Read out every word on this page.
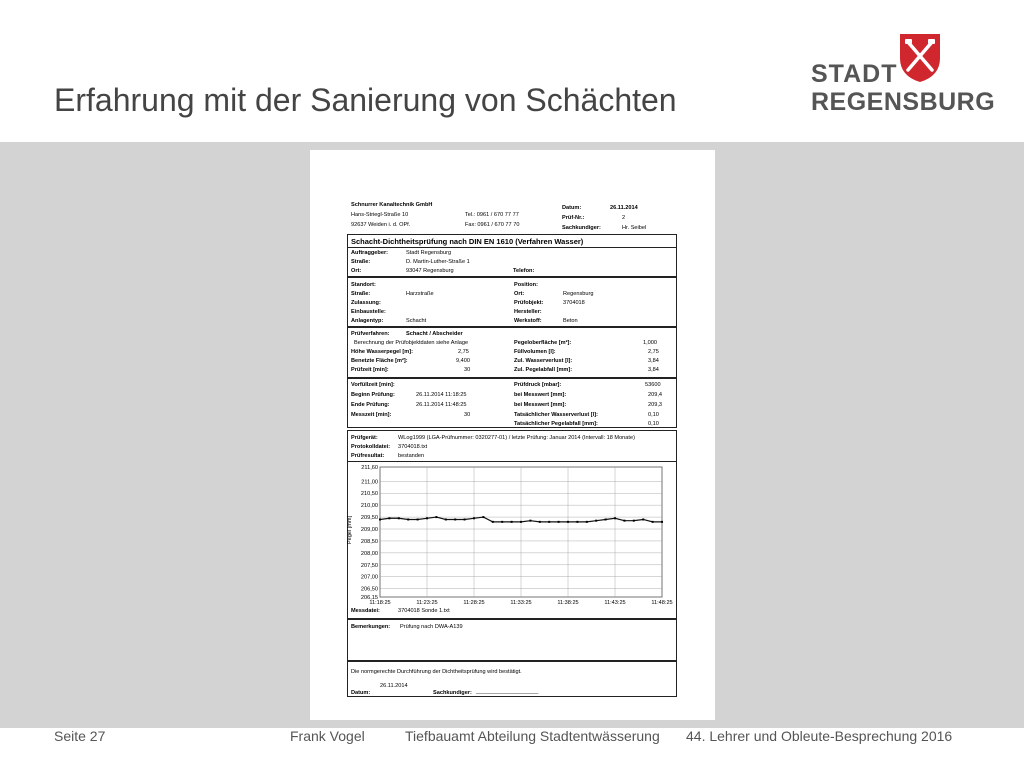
Erfahrung mit der Sanierung von Schächten
STADT
REGENSBURG
Schnurrer Kanaltechnik GmbH
Hans-Striegl-Straße 10
92637 Weiden i. d. OPf.
Tel.: 0961 / 670 77 77
Fax: 0961 / 670 77 70
Datum:	26.11.2014
Prüf-Nr.:	2
Sachkundiger:	Hr. Seibel
Schacht-Dichtheitsprüfung nach DIN EN 1610 (Verfahren Wasser)
Auftraggeber:	Stadt Regensburg
Straße:	D. Martin-Luther-Straße 1
Ort:	93047 Regensburg	Telefon:
Standort:	Position:
Straße:	Harzstraße	Ort:	Regensburg
Zulassung:	Prüfobjekt:	3704018
Einbaustelle:	Hersteller:
Anlagentyp:	Schacht	Werkstoff:	Beton
Prüfverfahren:	Schacht / Abscheider
Berechnung der Prüfobjektdaten siehe Anlage	Pegeloberfläche [m²]:	1,000
Höhe Wasserpegel [m]:	2,75	Füllvolumen [l]:	2,75
Benetzte Fläche [m²]:	9,400	Zul. Wasserverlust [l]:	3,84
Prüfzeit [min]:	30	Zul. Pegelabfall [mm]:	3,84
Vorfüllzeit [min]:	Prüfdruck [mbar]:	53600
Beginn Prüfung:	26.11.2014 11:18:25	bei Messwert [mm]:	209,4
Ende Prüfung:	26.11.2014 11:48:25	bei Messwert [mm]:	209,3
Messzeit [min]:	30	Tatsächlicher Wasserverlust [l]:	0,10
Tatsächlicher Pegelabfall [mm]:	0,10
Prüfgerät:	WLog1999 (LGA-Prüfnummer: 0320277-01) / letzte Prüfung: Januar 2014 (Intervall: 18 Monate)
Protokolldatei: 3704018.txt
Prüfresultat: bestanden
211,60
211,00
210,50
210,00
209,50
209,00
208,50
208,00
207,50
207,00
206,50
206,15
11:18:25	11:23:25	11:28:25	11:33:25	11:38:25	11:43:25	11:48:25
Pegel [mm]
Messdatei:	3704018 Sonde 1.txt
Bemerkungen: Prüfung nach DWA-A139
Die normgerechte Durchführung der Dichtheitsprüfung wird bestätigt.
26.11.2014
Datum:	Sachkundiger: ____________________
Seite 27	Frank Vogel	Tiefbauamt Abteilung Stadtentwässerung 44. Lehrer und Obleute-Besprechung 2016
